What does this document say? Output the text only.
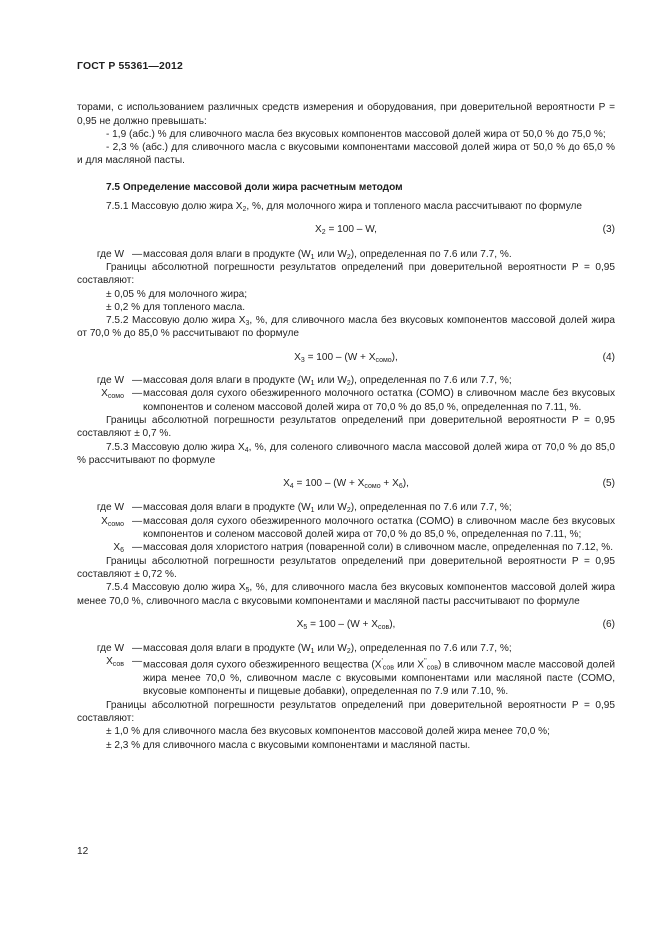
ГОСТ Р 55361—2012

торами, с использованием различных средств измерения и оборудования, при доверительной вероятности P = 0,95 не должно превышать:

- 1,9 (абс.) % для сливочного масла без вкусовых компонентов массовой долей жира от 50,0 % до 75,0 %;

- 2,3 % (абс.) для сливочного масла с вкусовыми компонентами массовой долей жира от 50,0 % до 65,0 % и для масляной пасты.

7.5 Определение массовой доли жира расчетным методом

7.5.1 Массовую долю жира $X_2$, %, для молочного жира и топленого масла рассчитывают по формуле

$X_2 = 100 - W$,	(3)
где W — массовая доля влаги в продукте ($W_1$ или $W_2$), определенная по 7.6 или 7.7, %.

Границы абсолютной погрешности результатов определений при доверительной вероятности P = 0,95 составляют:

± 0,05 % для молочного жира;

± 0,2 % для топленого масла.

7.5.2 Массовую долю жира $X_3$, %, для сливочного масла без вкусовых компонентов массовой долей жира от 70,0 % до 85,0 % рассчитывают по формуле

$X_3 = 100 - (W + X_{сомо})$,	(4)
где W — массовая доля влаги в продукте ($W_1$ или $W_2$), определенная по 7.6 или 7.7, %;
$X_{сомо}$ — массовая доля сухого обезжиренного молочного остатка (СОМО) в сливочном масле без вкусовых компонентов и соленом массовой долей жира от 70,0 % до 85,0 %, определенная по 7.11, %.

Границы абсолютной погрешности результатов определений при доверительной вероятности P = 0,95 составляют ± 0,7 %.

7.5.3 Массовую долю жира $X_4$, %, для соленого сливочного масла массовой долей жира от 70,0 % до 85,0 % рассчитывают по формуле

$X_4 = 100 - (W + X_{сомо} + X_6)$,	(5)
где W — массовая доля влаги в продукте ($W_1$ или $W_2$), определенная по 7.6 или 7.7, %;
$X_{сомо}$ — массовая доля сухого обезжиренного молочного остатка (СОМО) в сливочном масле без вкусовых компонентов и соленом массовой долей жира от 70,0 % до 85,0 %, определенная по 7.11, %;
$X_6$ — массовая доля хлористого натрия (поваренной соли) в сливочном масле, определенная по 7.12, %.

Границы абсолютной погрешности результатов определений при доверительной вероятности P = 0,95 составляют ± 0,72 %.

7.5.4 Массовую долю жира $X_5$, %, для сливочного масла без вкусовых компонентов массовой долей жира менее 70,0 %, сливочного масла с вкусовыми компонентами и масляной пасты рассчитывают по формуле

$X_5 = 100 - (W + X_{сов})$,	(6)
где W — массовая доля влаги в продукте ($W_1$ или $W_2$), определенная по 7.6 или 7.7, %;
$X_{сов}$ — массовая доля сухого обезжиренного вещества ($X'_{сов}$ или $X''_{сов}$) в сливочном масле массовой долей жира менее 70,0 %, сливочном масле с вкусовыми компонентами или масляной пасте (СОМО, вкусовые компоненты и пищевые добавки), определенная по 7.9 или 7.10, %.

Границы абсолютной погрешности результатов определений при доверительной вероятности P = 0,95 составляют:

± 1,0 % для сливочного масла без вкусовых компонентов массовой долей жира менее 70,0 %;

± 2,3 % для сливочного масла с вкусовыми компонентами и масляной пасты.

12
